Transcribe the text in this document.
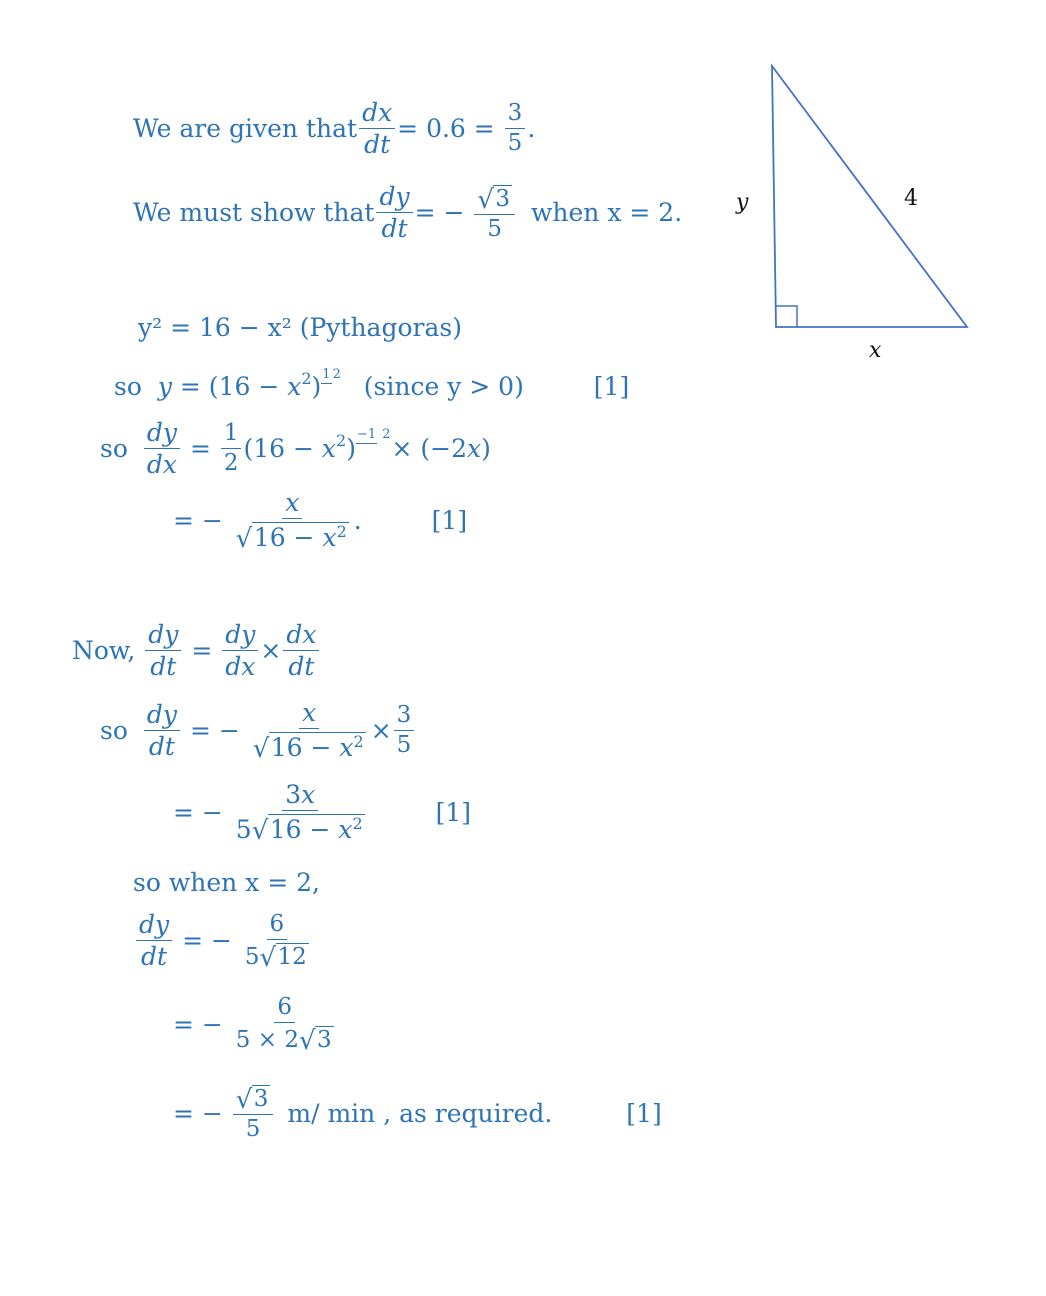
We are given that $\frac{dx}{dt} = 0.6 = \frac{3}{5}$ .
We must show that $\frac{dy}{dt}$ = − $\frac{√ 3}{5}$ when x = 2.
y² = 16 − x² (Pythagoras)
so $y = (16 - x^2)1$ 2 (since y > 0)	[1]
so $\frac{dy}{dx} = \frac{1}{2} (16 - x^2)-1$ 2× (−2x)
= − $\frac{x}{√ 16 - x^2}$ .	[1]
Now, $\frac{dy}{dt} = \frac{dy}{dx} \times \frac{dx}{dt}$
so $\frac{dy}{dt}$ = − $\frac{x}{√ 16 - x^2} \times \frac{3}{5}$
= − $\frac{3x}{5 √ 16 - x^2}$	[1]
so when x = 2,
$\frac{dy}{dt}$ = − $\frac{6}{5 √ 12}$
= − $\frac{6}{5 \times 2 √ 3}$
= − $\frac{√ 3}{5} m/$ min , as required.	[1]
y	4
x
